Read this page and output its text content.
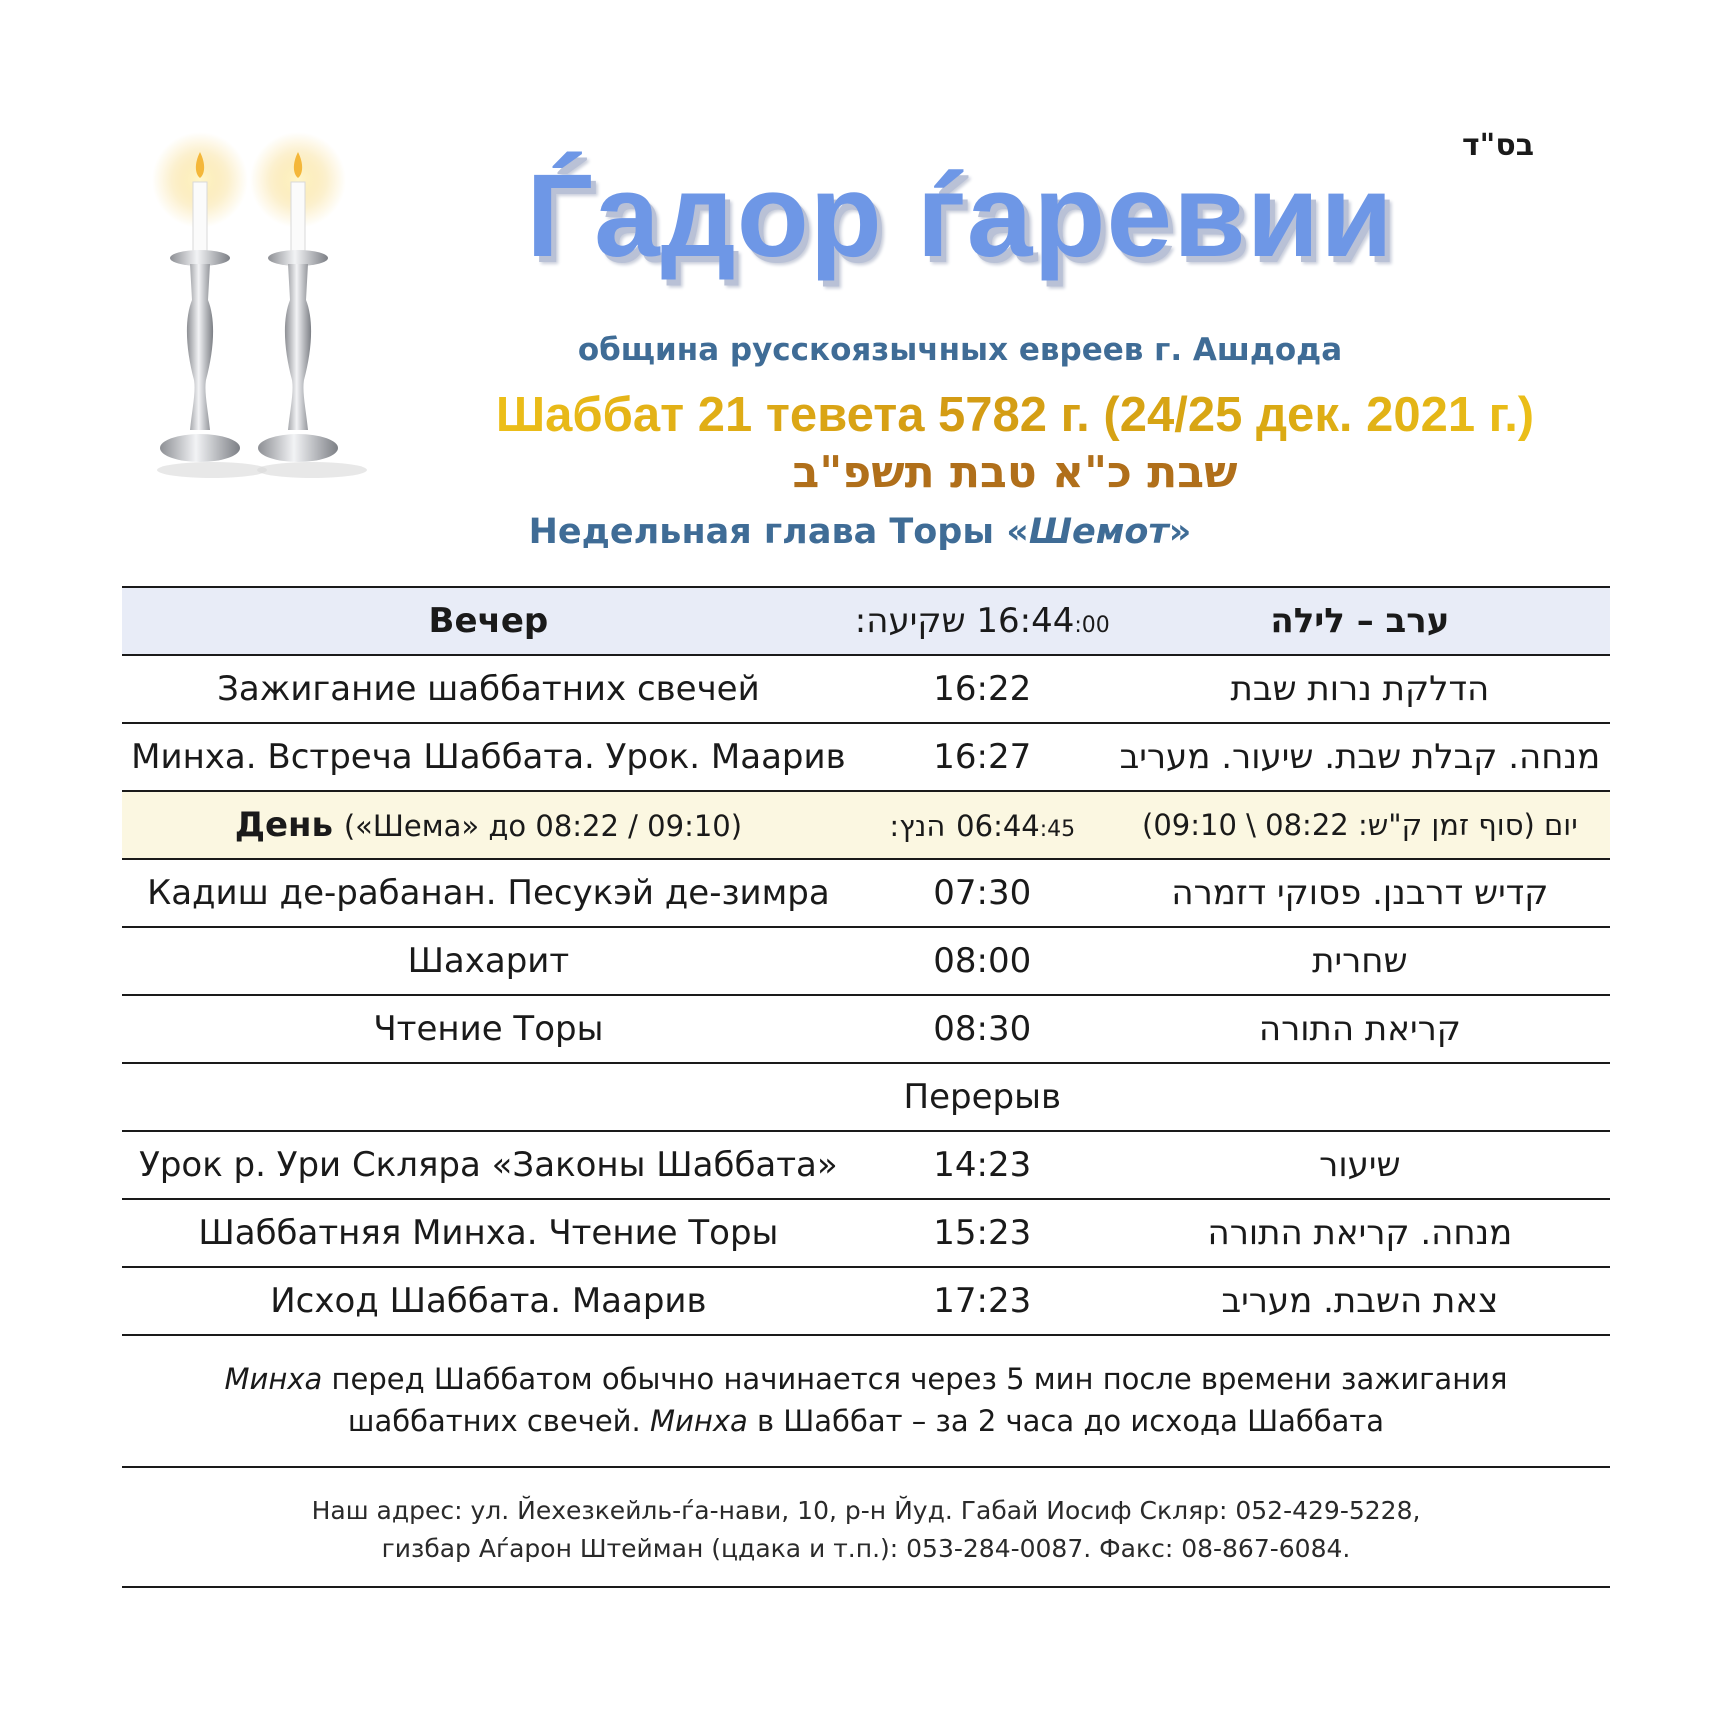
בס"ד
Ѓадор ѓаревии
община русскоязычных евреев г. Ашдода
Шаббат 21 тевета 5782 г. (24/25 дек. 2021 г.)
שבת כ"א טבת תשפ"ב
Недельная глава Торы «Шемот»
Вечер	שקיעה: 16:44:00	ערב – לילה
Зажигание шаббатних свечей	16:22	הדלקת נרות שבת
Минха. Встреча Шаббата. Урок. Маарив	16:27	מנחה. קבלת שבת. שיעור. מעריב
День («Шема» до 08:22 / 09:10)	הנץ: 06:44:45	יום (סוף זמן ק"ש: 08:22 \ 09:10)
Кадиш де-рабанан. Песукэй де-зимра	07:30	קדיש דרבנן. פסוקי דזמרה
Шахарит	08:00	שחרית
Чтение Торы	08:30	קריאת התורה
	Перерыв	
Урок р. Ури Скляра «Законы Шаббата»	14:23	שיעור
Шаббатняя Минха. Чтение Торы	15:23	מנחה. קריאת התורה
Исход Шаббата. Маарив	17:23	צאת השבת. מעריב
Минха перед Шаббатом обычно начинается через 5 мин после времени зажигания
шаббатних свечей. Минха в Шаббат – за 2 часа до исхода Шаббата
Наш адрес: ул. Йехезкейль-ѓа-нави, 10, р-н Йуд. Габай Иосиф Скляр: 052-429-5228,
гизбар Аѓарон Штейман (цдака и т.п.): 053-284-0087. Факс: 08-867-6084.
